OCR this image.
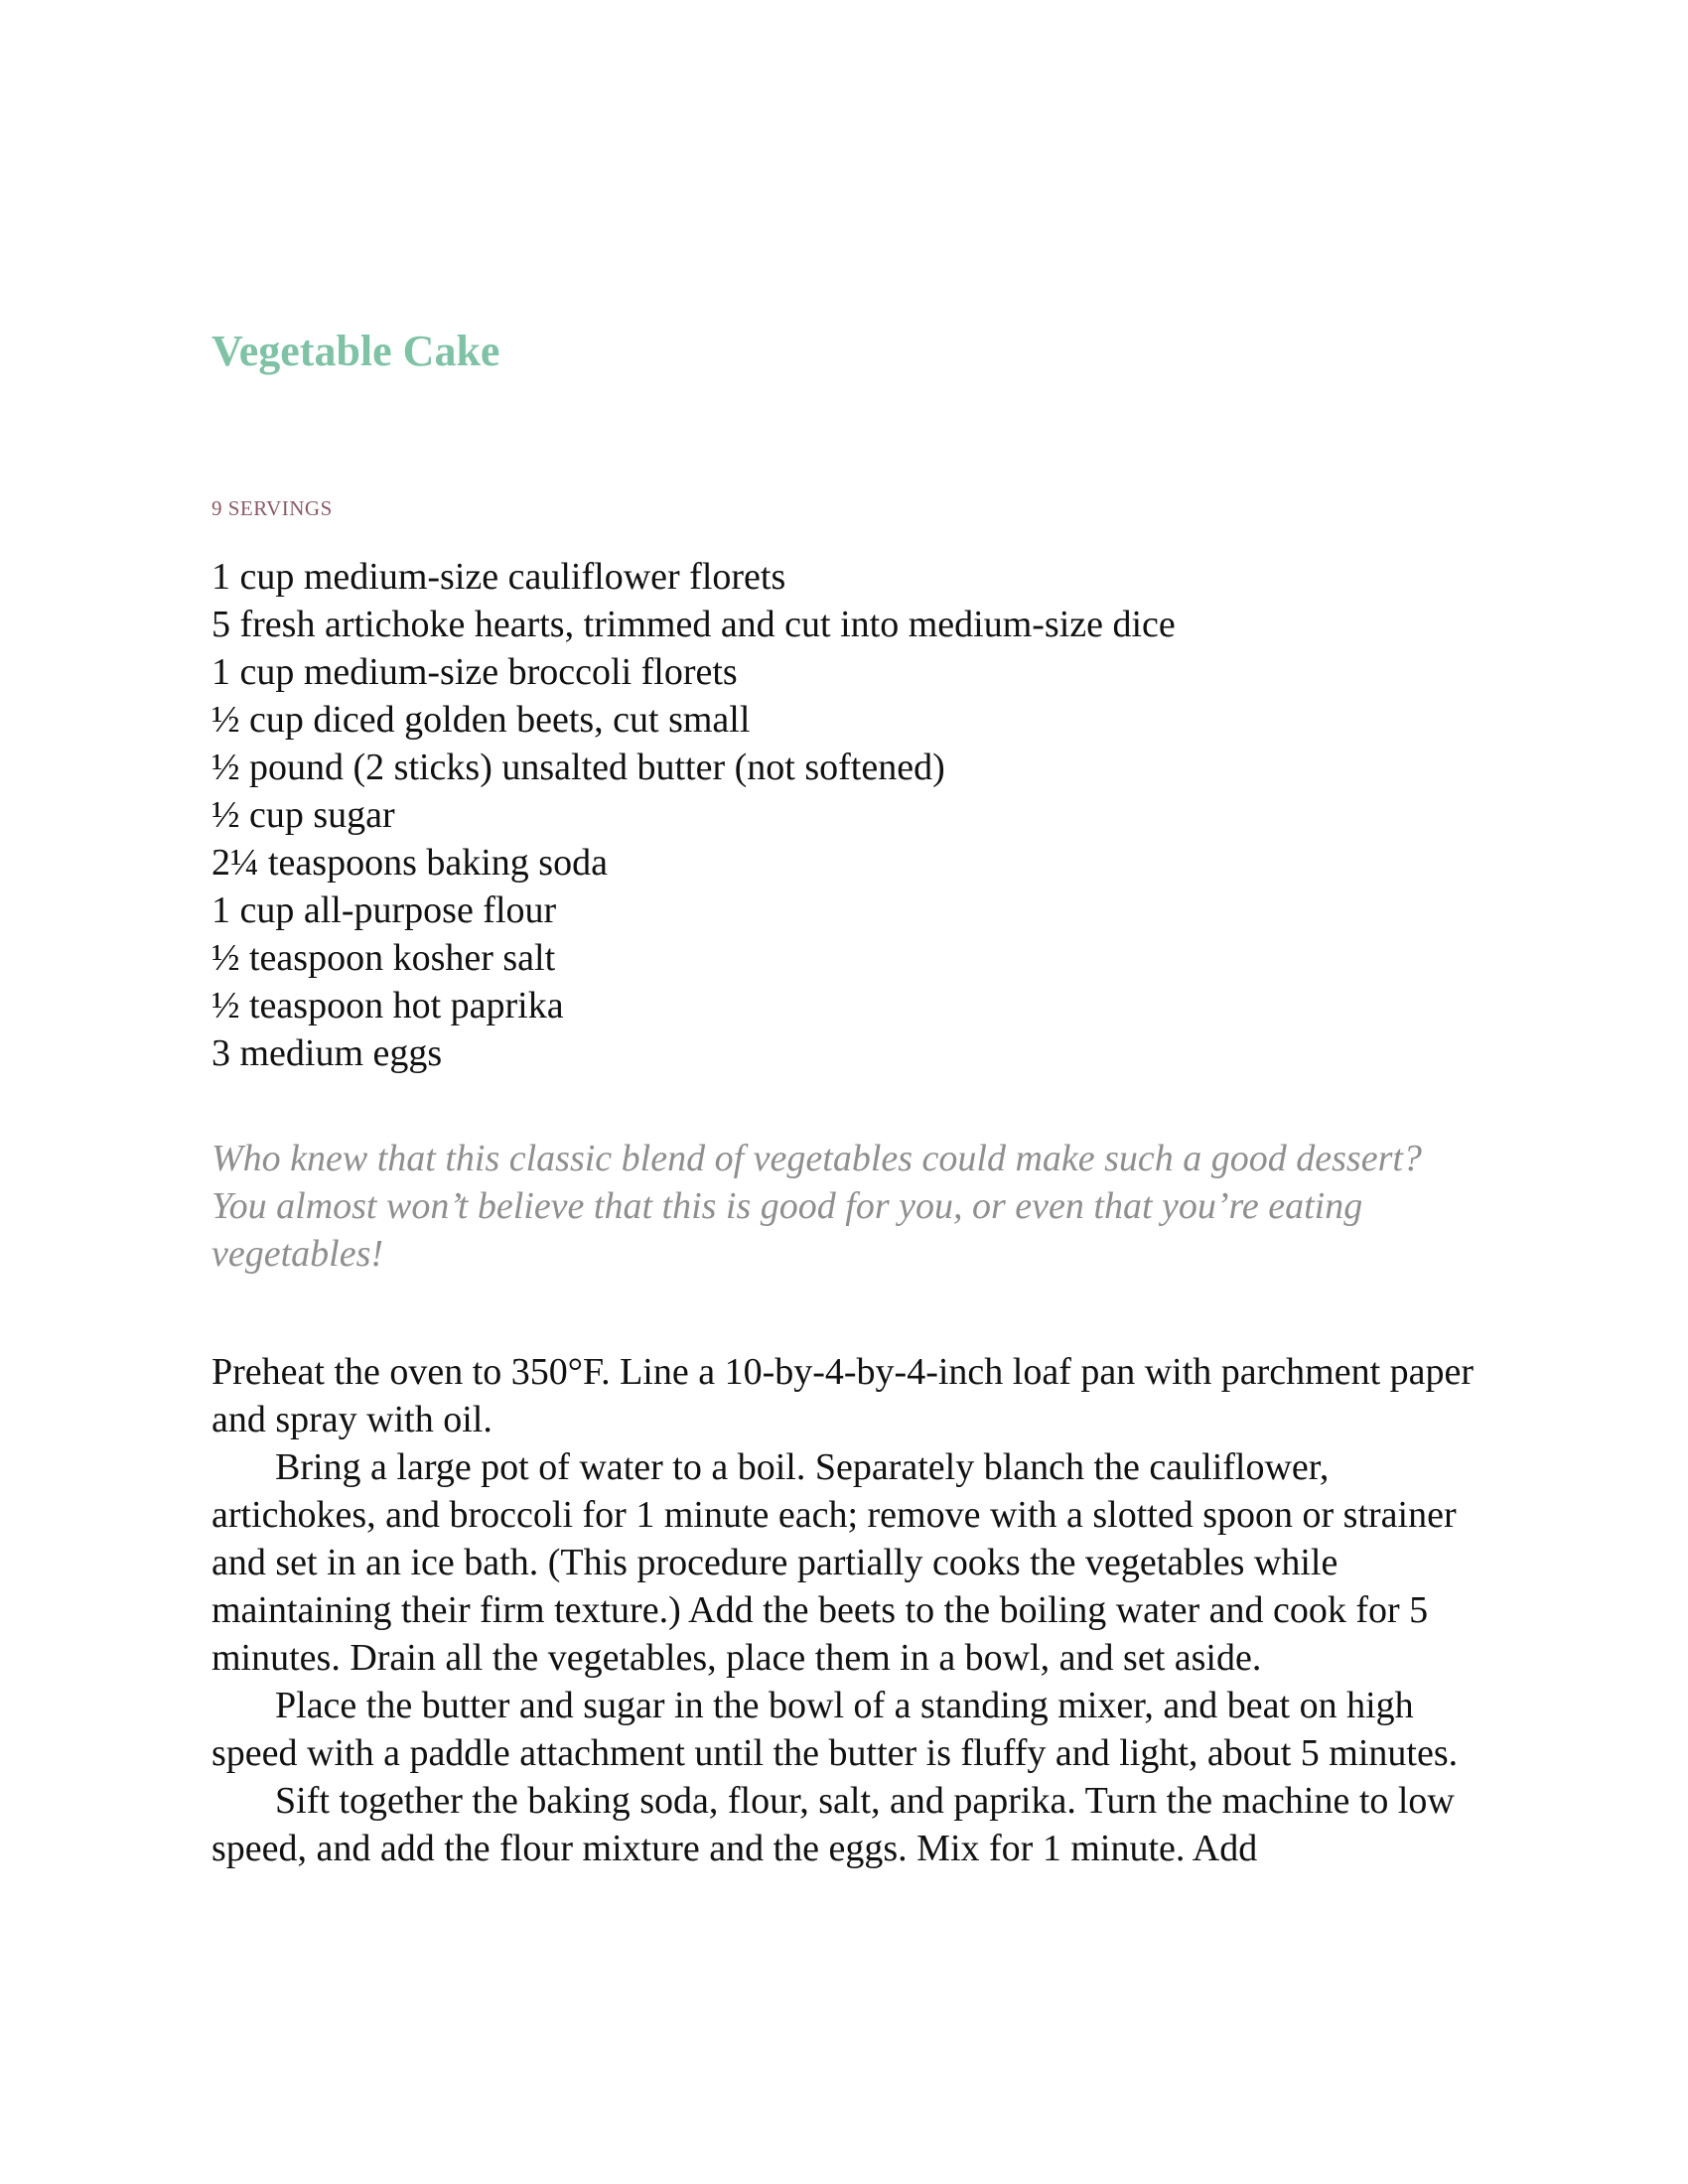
Vegetable Cake
9 SERVINGS
1 cup medium-size cauliflower florets
5 fresh artichoke hearts, trimmed and cut into medium-size dice
1 cup medium-size broccoli florets
½ cup diced golden beets, cut small
½ pound (2 sticks) unsalted butter (not softened)
½ cup sugar
2¼ teaspoons baking soda
1 cup all-purpose flour
½ teaspoon kosher salt
½ teaspoon hot paprika
3 medium eggs

Who knew that this classic blend of vegetables could make such a good dessert? You almost won’t believe that this is good for you, or even that you’re eating vegetables!

Preheat the oven to 350°F. Line a 10-by-4-by-4-inch loaf pan with parchment paper and spray with oil.

Bring a large pot of water to a boil. Separately blanch the cauliflower, artichokes, and broccoli for 1 minute each; remove with a slotted spoon or strainer and set in an ice bath. (This procedure partially cooks the vegetables while maintaining their firm texture.) Add the beets to the boiling water and cook for 5 minutes. Drain all the vegetables, place them in a bowl, and set aside.

Place the butter and sugar in the bowl of a standing mixer, and beat on high speed with a paddle attachment until the butter is fluffy and light, about 5 minutes.

Sift together the baking soda, flour, salt, and paprika. Turn the machine to low speed, and add the flour mixture and the eggs. Mix for 1 minute. Add
